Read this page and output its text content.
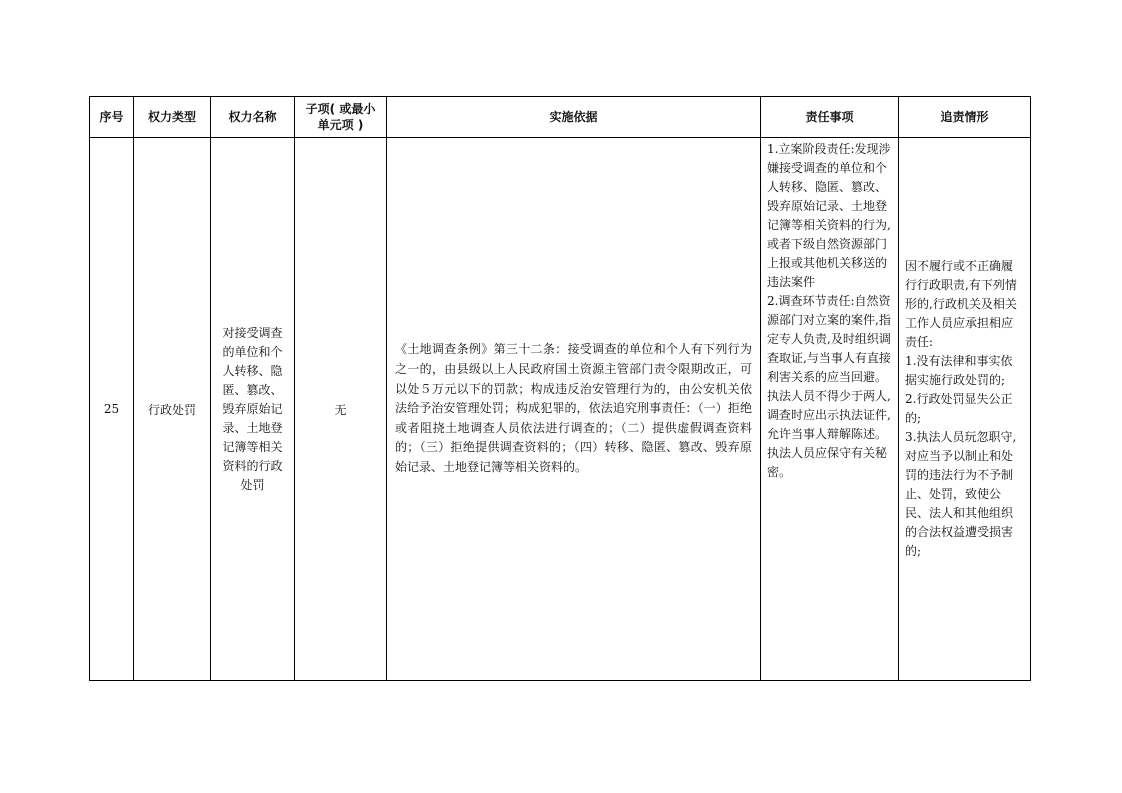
序号	权力类型	权力名称	子项( 或最小单元项 )	实施依据	责任事项	追责情形
25	行政处罚	对接受调查的单位和个人转移、隐匿、篡改、毁弃原始记录、土地登记簿等相关资料的行政处罚	无	《土地调查条例》第三十二条：接受调查的单位和个人有下列行为之一的，由县级以上人民政府国土资源主管部门责令限期改正，可以处５万元以下的罚款；构成违反治安管理行为的，由公安机关依法给予治安管理处罚；构成犯罪的，依法追究刑事责任：（一）拒绝或者阻挠土地调查人员依法进行调查的；（二）提供虚假调查资料的；（三）拒绝提供调查资料的；（四）转移、隐匿、篡改、毁弃原始记录、土地登记簿等相关资料的。	1.立案阶段责任:发现涉嫌接受调查的单位和个人转移、隐匿、篡改、毁弃原始记录、土地登记簿等相关资料的行为,或者下级自然资源部门上报或其他机关移送的违法案件
2.调查环节责任:自然资源部门对立案的案件,指定专人负责,及时组织调查取证,与当事人有直接利害关系的应当回避。执法人员不得少于两人,调查时应出示执法证件,允许当事人辩解陈述。执法人员应保守有关秘密。	因不履行或不正确履行行政职责,有下列情形的,行政机关及相关工作人员应承担相应责任:
1.没有法律和事实依据实施行政处罚的;
2.行政处罚显失公正的;
3.执法人员玩忽职守,对应当予以制止和处罚的违法行为不予制止、处罚，致使公民、法人和其他组织的合法权益遭受损害的;
